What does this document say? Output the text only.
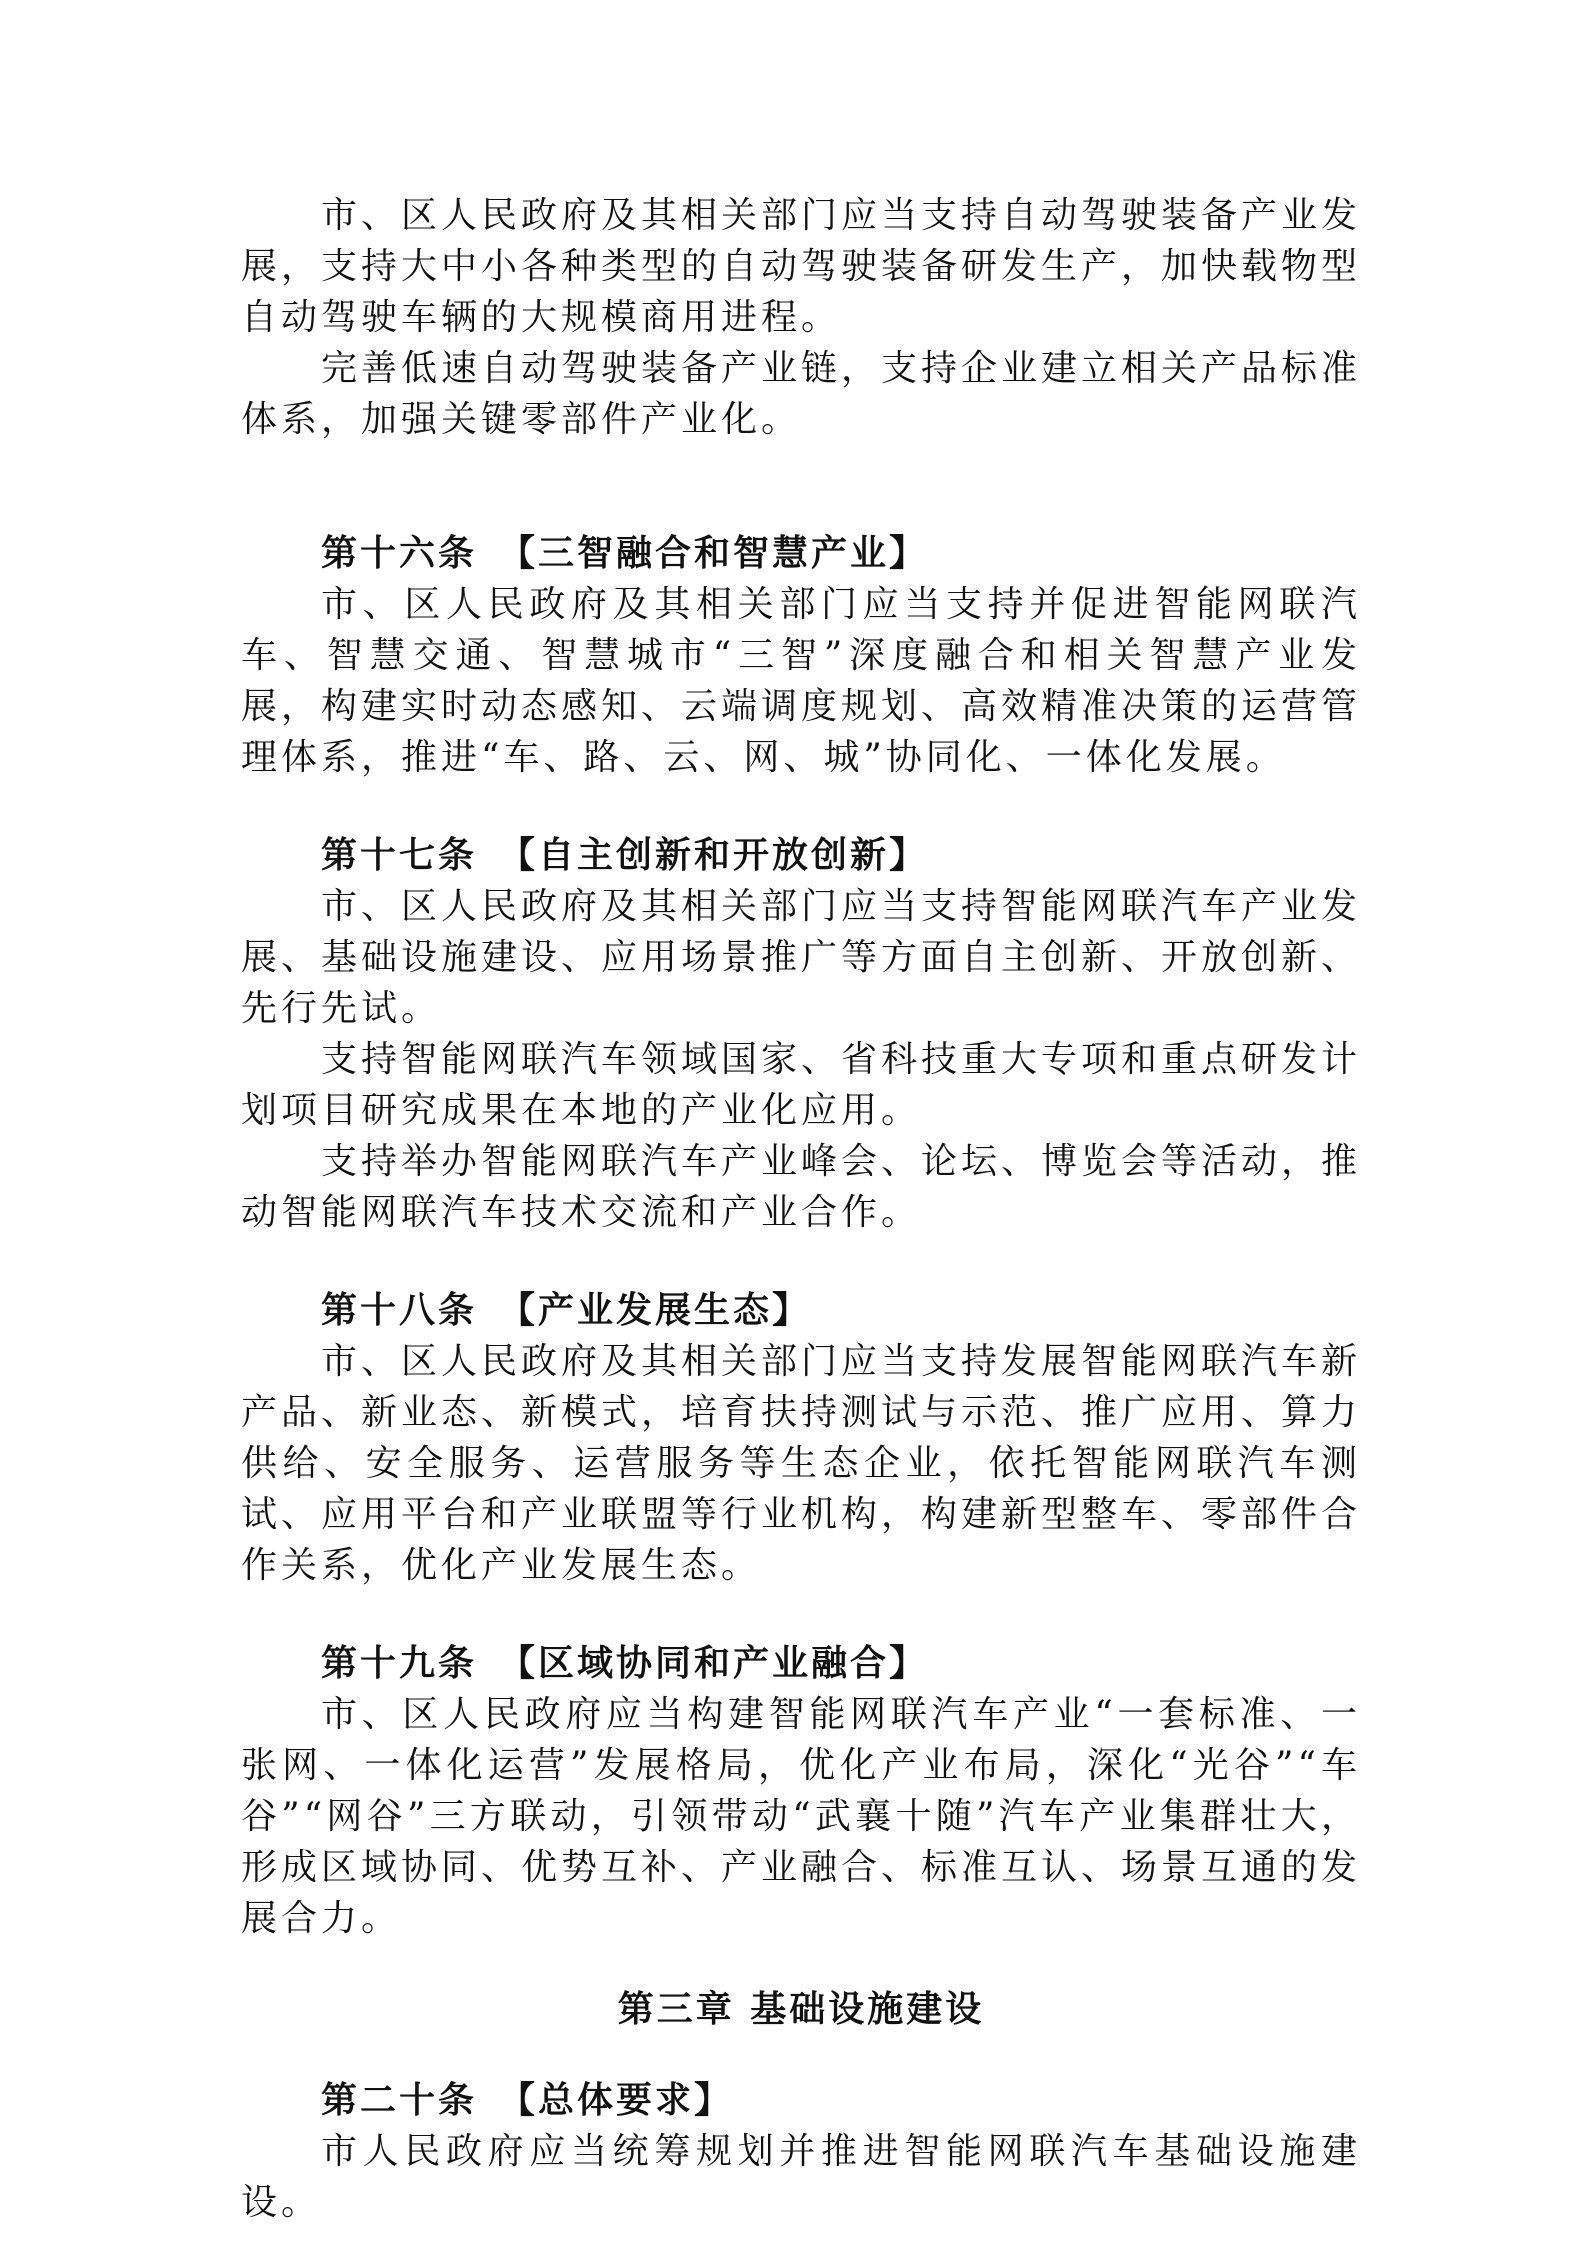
市、区人民政府及其相关部门应当支持自动驾驶装备产业发展，支持大中小各种类型的自动驾驶装备研发生产，加快载物型自动驾驶车辆的大规模商用进程。

完善低速自动驾驶装备产业链，支持企业建立相关产品标准体系，加强关键零部件产业化。

第十六条 【三智融合和智慧产业】

市、区人民政府及其相关部门应当支持并促进智能网联汽车、智慧交通、智慧城市“三智”深度融合和相关智慧产业发展，构建实时动态感知、云端调度规划、高效精准决策的运营管理体系，推进“车、路、云、网、城”协同化、一体化发展。

第十七条 【自主创新和开放创新】

市、区人民政府及其相关部门应当支持智能网联汽车产业发展、基础设施建设、应用场景推广等方面自主创新、开放创新、先行先试。

支持智能网联汽车领域国家、省科技重大专项和重点研发计划项目研究成果在本地的产业化应用。

支持举办智能网联汽车产业峰会、论坛、博览会等活动，推动智能网联汽车技术交流和产业合作。

第十八条 【产业发展生态】

市、区人民政府及其相关部门应当支持发展智能网联汽车新产品、新业态、新模式，培育扶持测试与示范、推广应用、算力供给、安全服务、运营服务等生态企业，依托智能网联汽车测试、应用平台和产业联盟等行业机构，构建新型整车、零部件合作关系，优化产业发展生态。

第十九条 【区域协同和产业融合】

市、区人民政府应当构建智能网联汽车产业“一套标准、一张网、一体化运营”发展格局，优化产业布局，深化“光谷”“车谷”“网谷”三方联动，引领带动“武襄十随”汽车产业集群壮大，形成区域协同、优势互补、产业融合、标准互认、场景互通的发展合力。

第三章 基础设施建设

第二十条 【总体要求】

市人民政府应当统筹规划并推进智能网联汽车基础设施建设。
